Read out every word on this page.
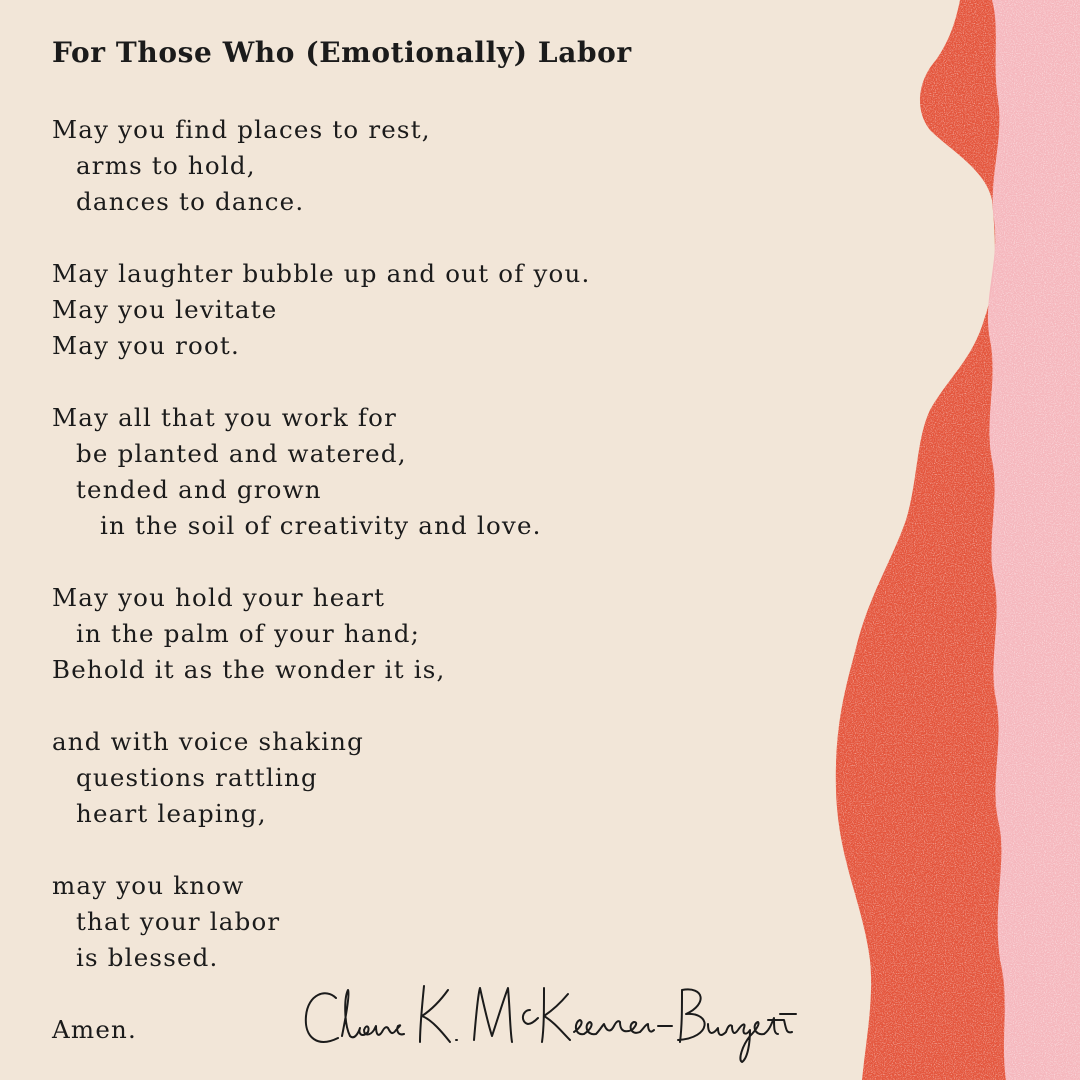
For Those Who (Emotionally) Labor
May you find places to rest,
arms to hold,
dances to dance.
May laughter bubble up and out of you.
May you levitate
May you root.
May all that you work for
be planted and watered,
tended and grown
in the soil of creativity and love.
May you hold your heart
in the palm of your hand;
Behold it as the wonder it is,
and with voice shaking
questions rattling
heart leaping,
may you know
that your labor
is blessed.
Amen.
